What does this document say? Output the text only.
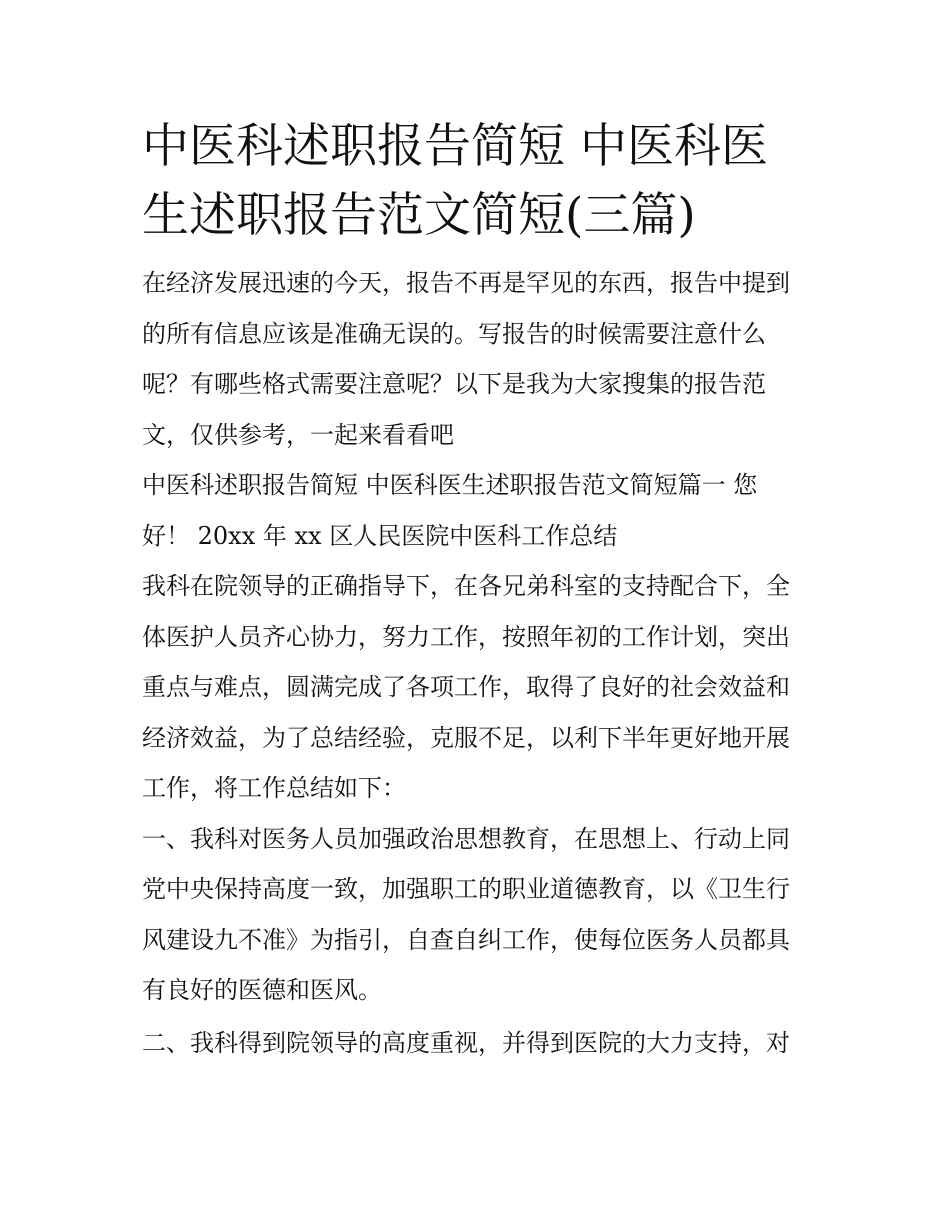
中医科述职报告简短 中医科医
生述职报告范文简短(三篇)

在经济发展迅速的今天，报告不再是罕见的东西，报告中提到
的所有信息应该是准确无误的。写报告的时候需要注意什么
呢？有哪些格式需要注意呢？以下是我为大家搜集的报告范
文，仅供参考，一起来看看吧

中医科述职报告简短 中医科医生述职报告范文简短篇一 您
好！ 20xx 年 xx 区人民医院中医科工作总结

我科在院领导的正确指导下，在各兄弟科室的支持配合下，全
体医护人员齐心协力，努力工作，按照年初的工作计划，突出
重点与难点，圆满完成了各项工作，取得了良好的社会效益和
经济效益，为了总结经验，克服不足，以利下半年更好地开展
工作，将工作总结如下：

一、我科对医务人员加强政治思想教育，在思想上、行动上同
党中央保持高度一致，加强职工的职业道德教育，以《卫生行
风建设九不准》为指引，自查自纠工作，使每位医务人员都具
有良好的医德和医风。

二、我科得到院领导的高度重视，并得到医院的大力支持，对
